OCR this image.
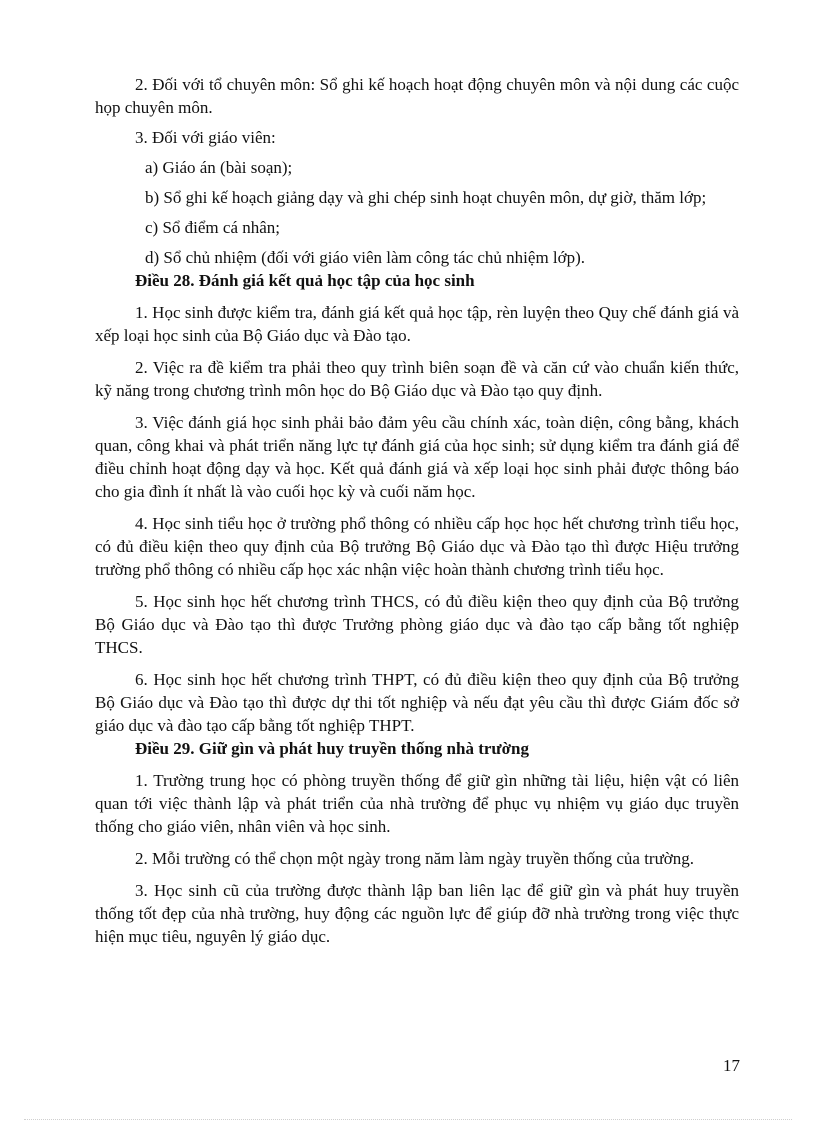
2. Đối với tổ chuyên môn: Sổ ghi kế hoạch hoạt động chuyên môn và nội dung các cuộc họp chuyên môn.

3. Đối với giáo viên:

a) Giáo án (bài soạn);

b) Sổ ghi kế hoạch giảng dạy và ghi chép sinh hoạt chuyên môn, dự giờ, thăm lớp;

c) Sổ điểm cá nhân;

d) Sổ chủ nhiệm (đối với giáo viên làm công tác chủ nhiệm lớp).

Điều 28. Đánh giá kết quả học tập của học sinh

1. Học sinh được kiểm tra, đánh giá kết quả học tập, rèn luyện theo Quy chế đánh giá và xếp loại học sinh của Bộ Giáo dục và Đào tạo.

2. Việc ra đề kiểm tra phải theo quy trình biên soạn đề và căn cứ vào chuẩn kiến thức, kỹ năng trong chương trình môn học do Bộ Giáo dục và Đào tạo quy định.

3. Việc đánh giá học sinh phải bảo đảm yêu cầu chính xác, toàn diện, công bằng, khách quan, công khai và phát triển năng lực tự đánh giá của học sinh; sử dụng kiểm tra đánh giá để điều chỉnh hoạt động dạy và học. Kết quả đánh giá và xếp loại học sinh phải được thông báo cho gia đình ít nhất là vào cuối học kỳ và cuối năm học.

4. Học sinh tiểu học ở trường phổ thông có nhiều cấp học học hết chương trình tiểu học, có đủ điều kiện theo quy định của Bộ trưởng Bộ Giáo dục và Đào tạo thì được Hiệu trưởng trường phổ thông có nhiều cấp học xác nhận việc hoàn thành chương trình tiểu học.

5. Học sinh học hết chương trình THCS, có đủ điều kiện theo quy định của Bộ trưởng Bộ Giáo dục và Đào tạo thì được Trưởng phòng giáo dục và đào tạo cấp bằng tốt nghiệp THCS.

6. Học sinh học hết chương trình THPT, có đủ điều kiện theo quy định của Bộ trưởng Bộ Giáo dục và Đào tạo thì được dự thi tốt nghiệp và nếu đạt yêu cầu thì được Giám đốc sở giáo dục và đào tạo cấp bằng tốt nghiệp THPT.

Điều 29. Giữ gìn và phát huy truyền thống nhà trường

1. Trường trung học có phòng truyền thống để giữ gìn những tài liệu, hiện vật có liên quan tới việc thành lập và phát triển của nhà trường để phục vụ nhiệm vụ giáo dục truyền thống cho giáo viên, nhân viên và học sinh.

2. Mỗi trường có thể chọn một ngày trong năm làm ngày truyền thống của trường.

3. Học sinh cũ của trường được thành lập ban liên lạc để giữ gìn và phát huy truyền thống tốt đẹp của nhà trường, huy động các nguồn lực để giúp đỡ nhà trường trong việc thực hiện mục tiêu, nguyên lý giáo dục.

17
